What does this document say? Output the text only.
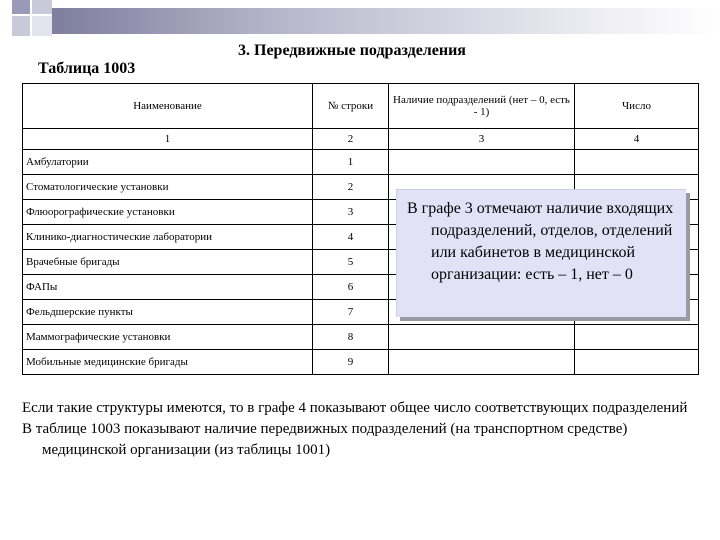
3. Передвижные подразделения
Таблица 1003
Наименование	№ строки	Наличие подразделений (нет – 0, есть - 1)	Число
1	2	3	4
Амбулатории	1		
Стоматологические установки	2		
Флюорографические установки	3		
Клинико-диагностические лаборатории	4		
Врачебные бригады	5		
ФАПы	6		
Фельдшерские пункты	7		
Маммографические установки	8		
Мобильные медицинские бригады	9		
В графе 3 отмечают наличие входящих подразделений, отделов, отделений или кабинетов в медицинской организации: есть – 1, нет – 0

Если такие структуры имеются, то в графе 4 показывают общее число соответствующих подразделений

В таблице 1003 показывают наличие передвижных подразделений (на транспортном средстве) медицинской организации (из таблицы 1001)
